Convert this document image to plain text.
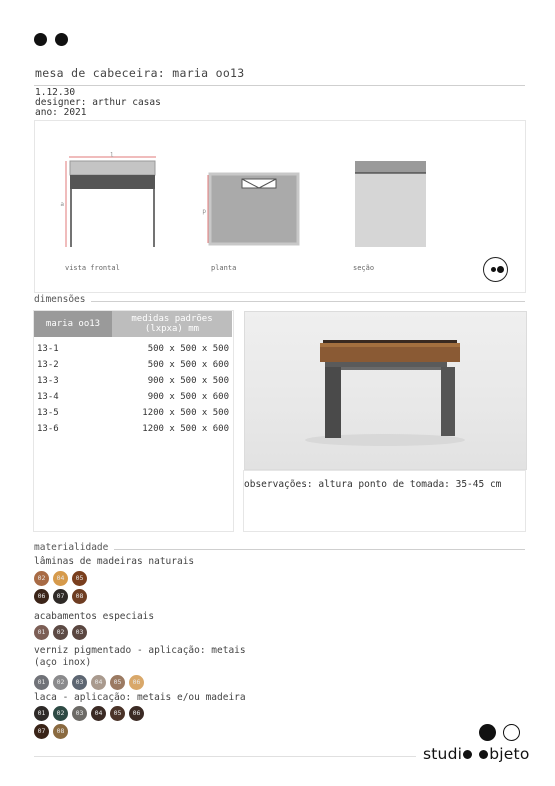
mesa de cabeceira: maria oo13
1.12.30
designer: arthur casas
ano: 2021
l
a
p
vista frontal	planta	seção
dimensões
maria oo13	medidas padrões
(lxpxa) mm

13-1	500 x 500 x 500
13-2	500 x 500 x 600
13-3	900 x 500 x 500
13-4	900 x 500 x 600
13-5	1200 x 500 x 500
13-6	1200 x 500 x 600
observações: altura ponto de tomada: 35-45 cm
materialidade
lâminas de madeiras naturais
02	04	05
06	07	08
acabamentos especiais
01	02	03
verniz pigmentado - aplicação: metais
(aço inox)
01	02	03	04	05	06
laca - aplicação: metais e/ou madeira
01	02	03	04	05	06
07	08
studi bjeto
